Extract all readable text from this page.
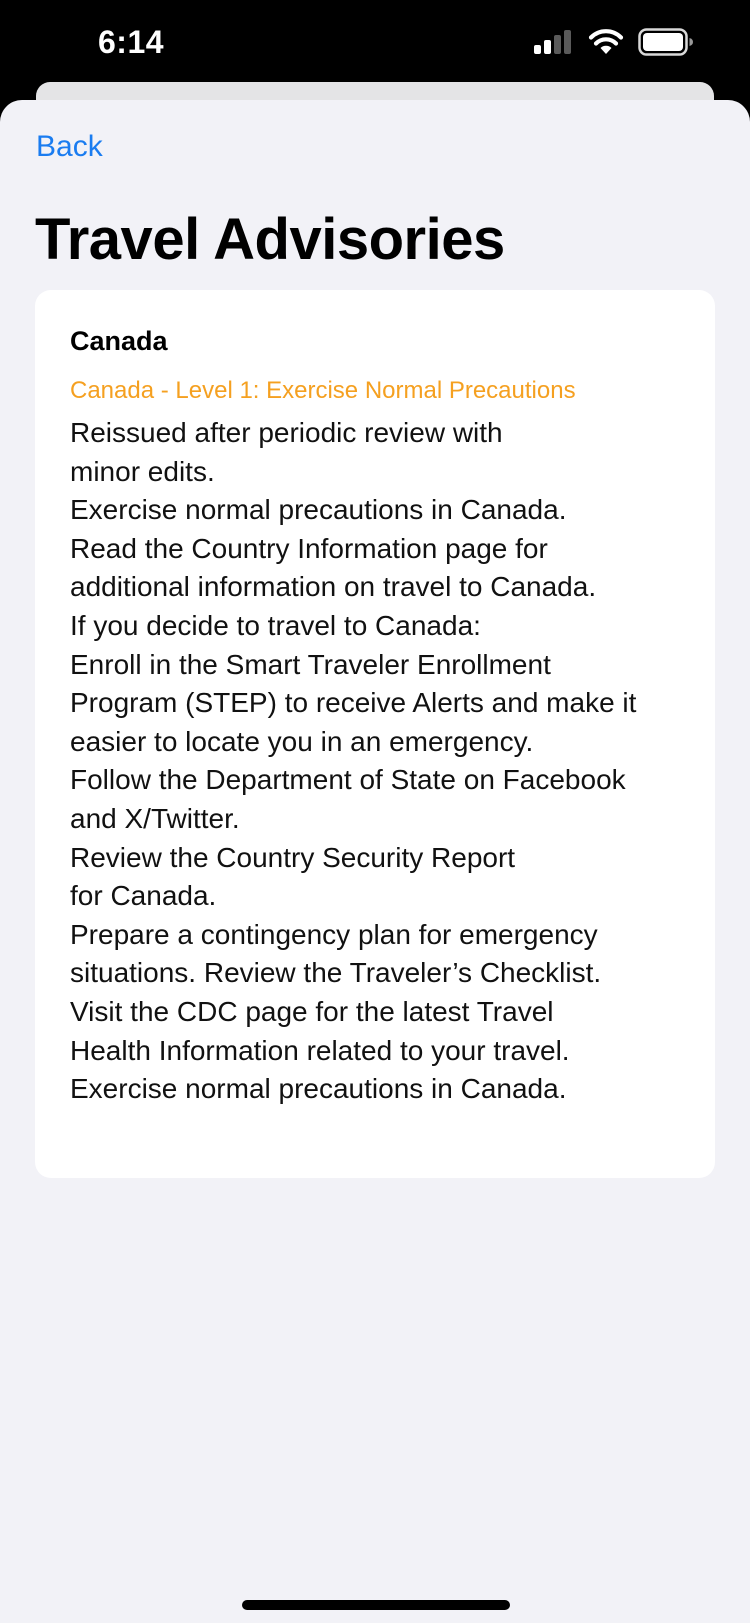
6:14
Back
Travel Advisories
Canada
Canada - Level 1: Exercise Normal Precautions
Reissued after periodic review with
minor edits.
Exercise normal precautions in Canada.
Read the Country Information page for
additional information on travel to Canada.
If you decide to travel to Canada:
Enroll in the Smart Traveler Enrollment
Program (STEP) to receive Alerts and make it
easier to locate you in an emergency.
Follow the Department of State on Facebook
and X/Twitter.
Review the Country Security Report
for Canada.
Prepare a contingency plan for emergency
situations. Review the Traveler’s Checklist.
Visit the CDC page for the latest Travel
Health Information related to your travel.
Exercise normal precautions in Canada.
